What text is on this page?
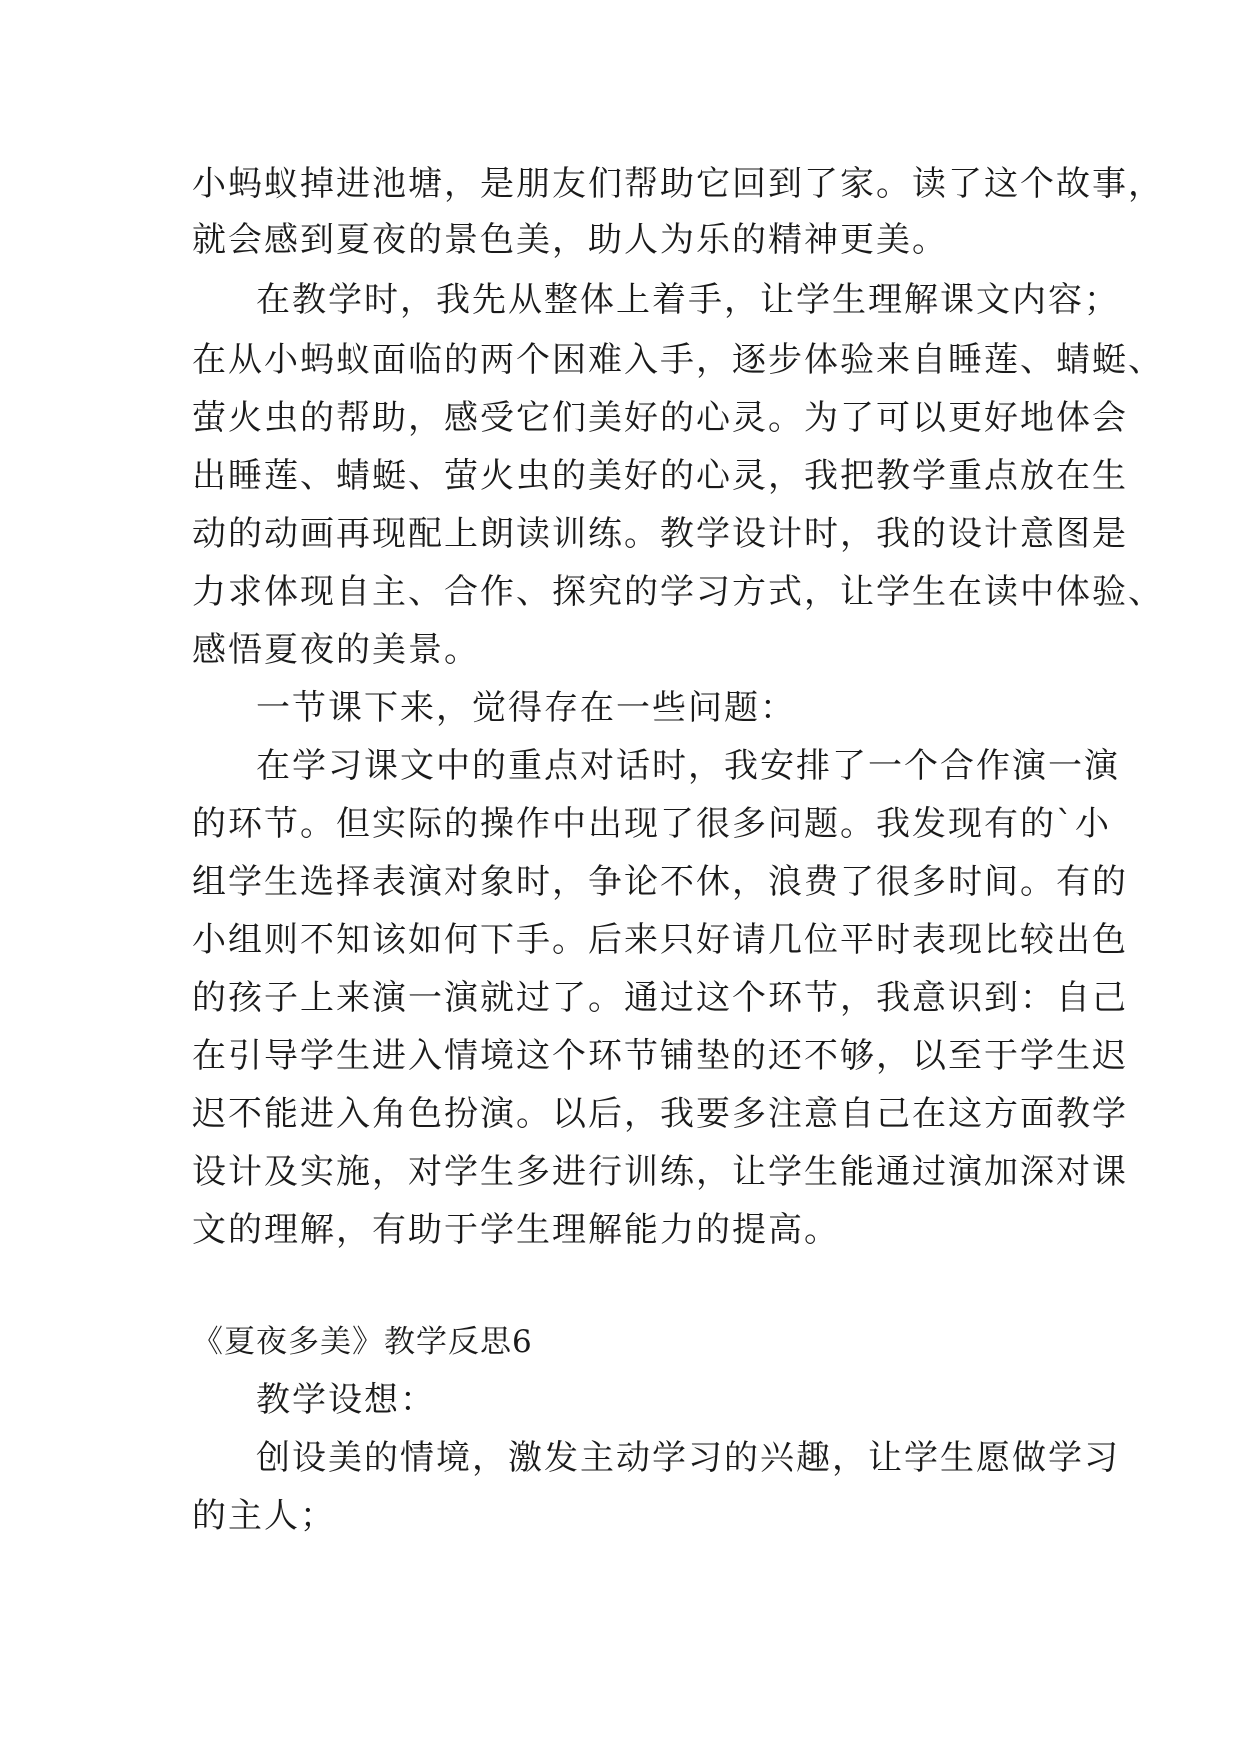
小蚂蚁掉进池塘，是朋友们帮助它回到了家。读了这个故事，
就会感到夏夜的景色美，助人为乐的精神更美。
在教学时，我先从整体上着手，让学生理解课文内容；
在从小蚂蚁面临的两个困难入手，逐步体验来自睡莲、蜻蜓、
萤火虫的帮助，感受它们美好的心灵。为了可以更好地体会
出睡莲、蜻蜓、萤火虫的美好的心灵，我把教学重点放在生
动的动画再现配上朗读训练。教学设计时，我的设计意图是
力求体现自主、合作、探究的学习方式，让学生在读中体验、
感悟夏夜的美景。
一节课下来，觉得存在一些问题：
在学习课文中的重点对话时，我安排了一个合作演一演
的环节。但实际的操作中出现了很多问题。我发现有的`小
组学生选择表演对象时，争论不休，浪费了很多时间。有的
小组则不知该如何下手。后来只好请几位平时表现比较出色
的孩子上来演一演就过了。通过这个环节，我意识到：自己
在引导学生进入情境这个环节铺垫的还不够，以至于学生迟
迟不能进入角色扮演。以后，我要多注意自己在这方面教学
设计及实施，对学生多进行训练，让学生能通过演加深对课
文的理解，有助于学生理解能力的提高。
《夏夜多美》教学反思6
教学设想：
创设美的情境，激发主动学习的兴趣，让学生愿做学习
的主人；
